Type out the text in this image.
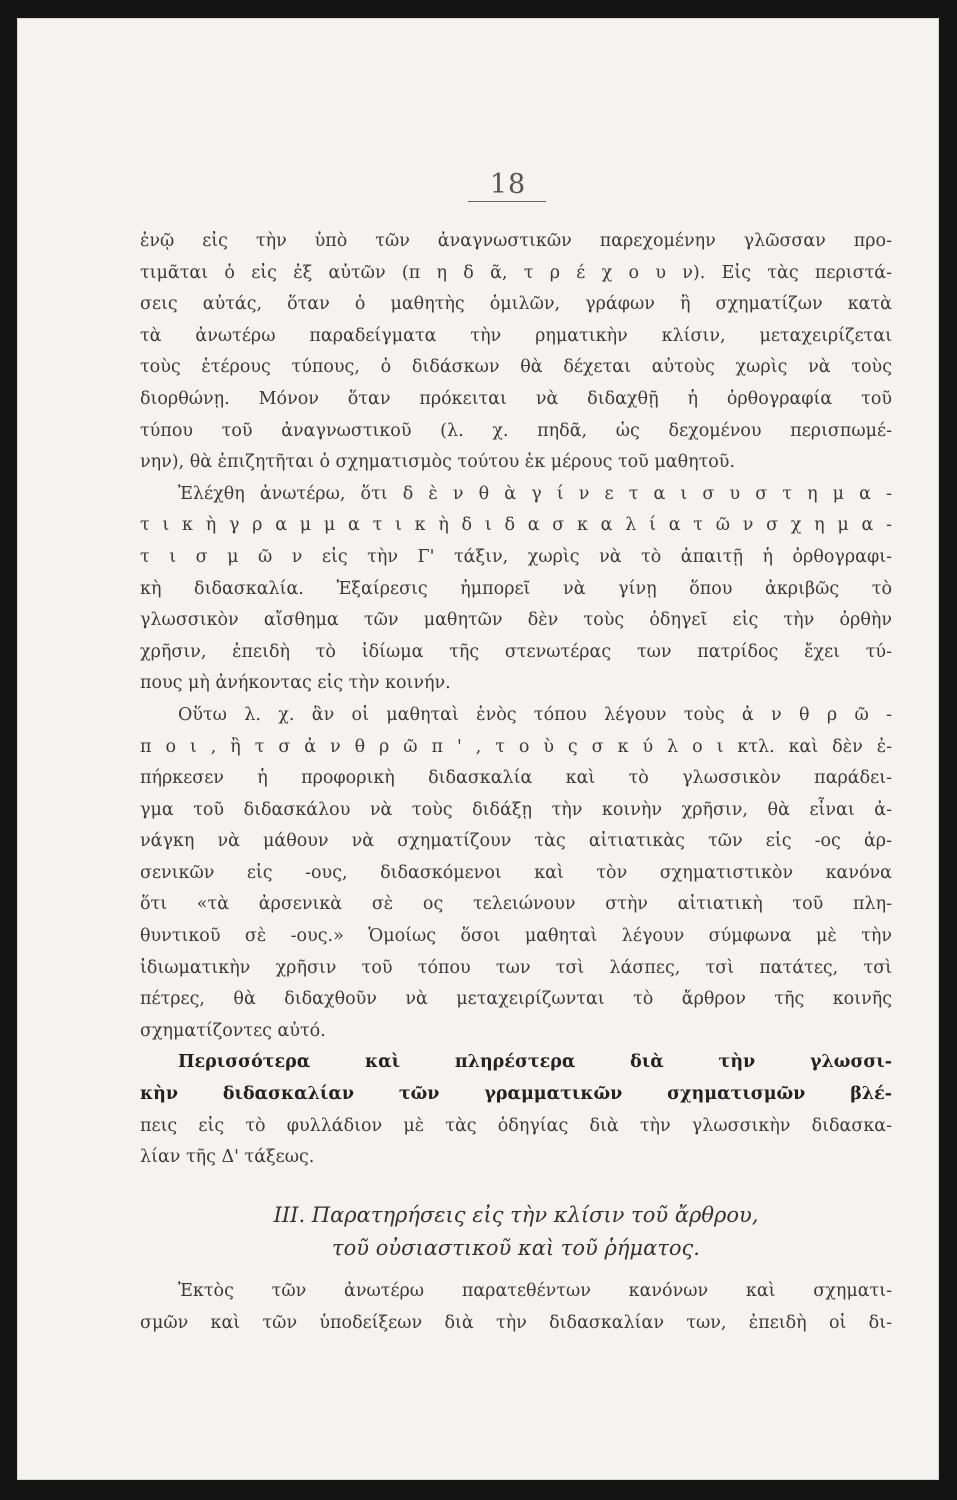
18
ἐνῷ εἰς τὴν ὑπὸ τῶν ἀναγνωστικῶν παρεχομένην γλῶσσαν προ-
τιμᾶται ὁ εἰς ἐξ αὐτῶν (π η δ ᾶ, τ ρ έ χ ο υ ν). Εἰς τὰς περιστά-
σεις αὐτάς, ὅταν ὁ μαθητὴς ὁμιλῶν, γράφων ἢ σχηματίζων κατὰ
τὰ ἀνωτέρω παραδείγματα τὴν ρηματικὴν κλίσιν, μεταχειρίζεται
τοὺς ἑτέρους τύπους, ὁ διδάσκων θὰ δέχεται αὐτοὺς χωρὶς νὰ τοὺς
διορθώνῃ. Μόνον ὅταν πρόκειται νὰ διδαχθῇ ἡ ὀρθογραφία τοῦ
τύπου τοῦ ἀναγνωστικοῦ (λ. χ. πηδᾶ, ὡς δεχομένου περισπωμέ-
νην), θὰ ἐπιζητῆται ὁ σχηματισμὸς τούτου ἐκ μέρους τοῦ μαθητοῦ.
Ἐλέχθη ἀνωτέρω, ὅτι δ ὲ ν θ ὰ γ ί ν ε τ α ι σ υ σ τ η μ α -
τ ι κ ὴ γ ρ α μ μ α τ ι κ ὴ δ ι δ α σ κ α λ ί α τ ῶ ν σ χ η μ α -
τ ι σ μ ῶ ν εἰς τὴν Γ' τάξιν, χωρὶς νὰ τὸ ἀπαιτῇ ἡ ὀρθογραφι-
κὴ διδασκαλία. Ἐξαίρεσις ἠμπορεῖ νὰ γίνῃ ὅπου ἀκριβῶς τὸ
γλωσσικὸν αἴσθημα τῶν μαθητῶν δὲν τοὺς ὁδηγεῖ εἰς τὴν ὀρθὴν
χρῆσιν, ἐπειδὴ τὸ ἰδίωμα τῆς στενωτέρας των πατρίδος ἔχει τύ-
πους μὴ ἀνήκοντας εἰς τὴν κοινήν.
Οὕτω λ. χ. ἂν οἱ μαθηταὶ ἑνὸς τόπου λέγουν τοὺς ἀ ν θ ρ ῶ -
π ο ι , ἢ τ σ ἀ ν θ ρ ῶ π ' , τ ο ὺ ς σ κ ύ λ ο ι κτλ. καὶ δὲν ἐ-
πήρκεσεν ἡ προφορικὴ διδασκαλία καὶ τὸ γλωσσικὸν παράδει-
γμα τοῦ διδασκάλου νὰ τοὺς διδάξῃ τὴν κοινὴν χρῆσιν, θὰ εἶναι ἀ-
νάγκη νὰ μάθουν νὰ σχηματίζουν τὰς αἰτιατικὰς τῶν εἰς -ος ἀρ-
σενικῶν εἰς -ους, διδασκόμενοι καὶ τὸν σχηματιστικὸν κανόνα
ὅτι «τὰ ἀρσενικὰ σὲ ος τελειώνουν στὴν αἰτιατικὴ τοῦ πλη-
θυντικοῦ σὲ -ους.» Ὁμοίως ὅσοι μαθηταὶ λέγουν σύμφωνα μὲ τὴν
ἰδιωματικὴν χρῆσιν τοῦ τόπου των τσὶ λάσπες, τσὶ πατάτες, τσὶ
πέτρες, θὰ διδαχθοῦν νὰ μεταχειρίζωνται τὸ ἄρθρον τῆς κοινῆς
σχηματίζοντες αὐτό.
Περισσότερα καὶ πληρέστερα διὰ τὴν γλωσσι-
κὴν διδασκαλίαν τῶν γραμματικῶν σχηματισμῶν βλέ-
πεις εἰς τὸ φυλλάδιον μὲ τὰς ὁδηγίας διὰ τὴν γλωσσικὴν διδασκα-
λίαν τῆς Δ' τάξεως.
III. Παρατηρήσεις εἰς τὴν κλίσιν τοῦ ἄρθρου,
τοῦ οὐσιαστικοῦ καὶ τοῦ ῥήματος.
Ἐκτὸς τῶν ἀνωτέρω παρατεθέντων κανόνων καὶ σχηματι-
σμῶν καὶ τῶν ὑποδείξεων διὰ τὴν διδασκαλίαν των, ἐπειδὴ οἱ δι-
